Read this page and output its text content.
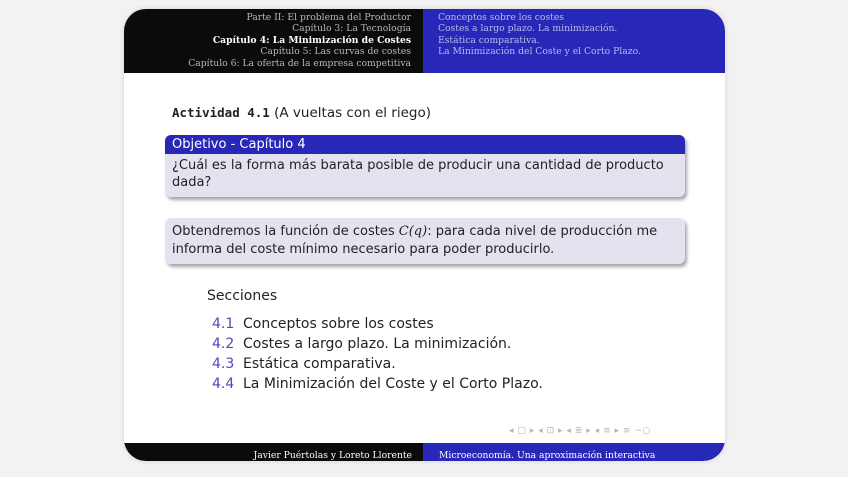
Parte II: El problema del Productor
Capítulo 3: La Tecnología
Capítulo 4: La Minimización de Costes
Capítulo 5: Las curvas de costes
Capítulo 6: La oferta de la empresa competitiva
Conceptos sobre los costes
Costes a largo plazo. La minimización.
Estática comparativa.
La Minimización del Coste y el Corto Plazo.
Actividad 4.1 (A vueltas con el riego)
Objetivo - Capítulo 4
¿Cuál es la forma más barata posible de producir una cantidad de producto dada?
Obtendremos la función de costes C(q): para cada nivel de producción me informa del coste mínimo necesario para poder producirlo.
Secciones
4.1 Conceptos sobre los costes
4.2 Costes a largo plazo. La minimización.
4.3 Estática comparativa.
4.4 La Minimización del Coste y el Corto Plazo.
◂ □ ▸ ◂ ⊡ ▸ ◂ ≣ ▸ ◂ ≡ ▸ ≡ ∽○
Javier Puértolas y Loreto Llorente	Microeconomía. Una aproximación interactiva
